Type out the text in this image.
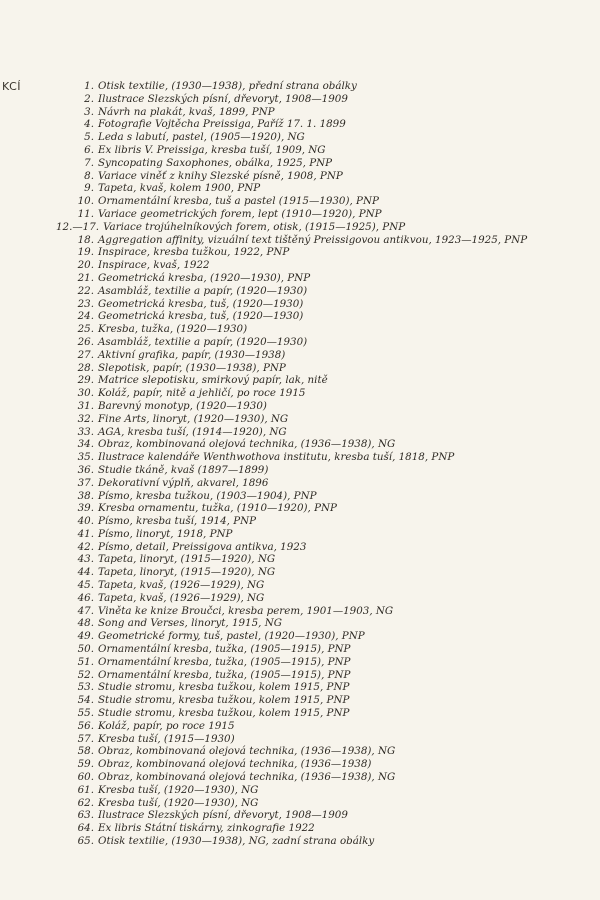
KCÍ	1. Otisk textilie, (1930—1938), přední strana obálky
2. Ilustrace Slezských písní, dřevoryt, 1908—1909
3. Návrh na plakát, kvaš, 1899, PNP
4. Fotografie Vojtěcha Preissiga, Paříž 17. 1. 1899
5. Leda s labutí, pastel, (1905—1920), NG
6. Ex libris V. Preissiga, kresba tuší, 1909, NG
7. Syncopating Saxophones, obálka, 1925, PNP
8. Variace viněť z knihy Slezské písně, 1908, PNP
9. Tapeta, kvaš, kolem 1900, PNP
10. Ornamentální kresba, tuš a pastel (1915—1930), PNP
11. Variace geometrických forem, lept (1910—1920), PNP
12.—17. Variace trojúhelníkových forem, otisk, (1915—1925), PNP
18. Aggregation affinity, vizuální text tištěný Preissigovou antikvou, 1923—1925, PNP
19. Inspirace, kresba tužkou, 1922, PNP
20. Inspirace, kvaš, 1922
21. Geometrická kresba, (1920—1930), PNP
22. Asambláž, textilie a papír, (1920—1930)
23. Geometrická kresba, tuš, (1920—1930)
24. Geometrická kresba, tuš, (1920—1930)
25. Kresba, tužka, (1920—1930)
26. Asambláž, textilie a papír, (1920—1930)
27. Aktivní grafika, papír, (1930—1938)
28. Slepotisk, papír, (1930—1938), PNP
29. Matrice slepotisku, smirkový papír, lak, nitě
30. Koláž, papír, nitě a jehličí, po roce 1915
31. Barevný monotyp, (1920—1930)
32. Fine Arts, linoryt, (1920—1930), NG
33. AGA, kresba tuší, (1914—1920), NG
34. Obraz, kombinovaná olejová technika, (1936—1938), NG
35. Ilustrace kalendáře Wenthwothova institutu, kresba tuší, 1818, PNP
36. Studie tkáně, kvaš (1897—1899)
37. Dekorativní výplň, akvarel, 1896
38. Písmo, kresba tužkou, (1903—1904), PNP
39. Kresba ornamentu, tužka, (1910—1920), PNP
40. Písmo, kresba tuší, 1914, PNP
41. Písmo, linoryt, 1918, PNP
42. Písmo, detail, Preissigova antikva, 1923
43. Tapeta, linoryt, (1915—1920), NG
44. Tapeta, linoryt, (1915—1920), NG
45. Tapeta, kvaš, (1926—1929), NG
46. Tapeta, kvaš, (1926—1929), NG
47. Viněta ke knize Broučci, kresba perem, 1901—1903, NG
48. Song and Verses, linoryt, 1915, NG
49. Geometrické formy, tuš, pastel, (1920—1930), PNP
50. Ornamentální kresba, tužka, (1905—1915), PNP
51. Ornamentální kresba, tužka, (1905—1915), PNP
52. Ornamentální kresba, tužka, (1905—1915), PNP
53. Studie stromu, kresba tužkou, kolem 1915, PNP
54. Studie stromu, kresba tužkou, kolem 1915, PNP
55. Studie stromu, kresba tužkou, kolem 1915, PNP
56. Koláž, papír, po roce 1915
57. Kresba tuší, (1915—1930)
58. Obraz, kombinovaná olejová technika, (1936—1938), NG
59. Obraz, kombinovaná olejová technika, (1936—1938)
60. Obraz, kombinovaná olejová technika, (1936—1938), NG
61. Kresba tuší, (1920—1930), NG
62. Kresba tuší, (1920—1930), NG
63. Ilustrace Slezských písní, dřevoryt, 1908—1909
64. Ex libris Státní tiskárny, zinkografie 1922
65. Otisk textilie, (1930—1938), NG, zadní strana obálky
